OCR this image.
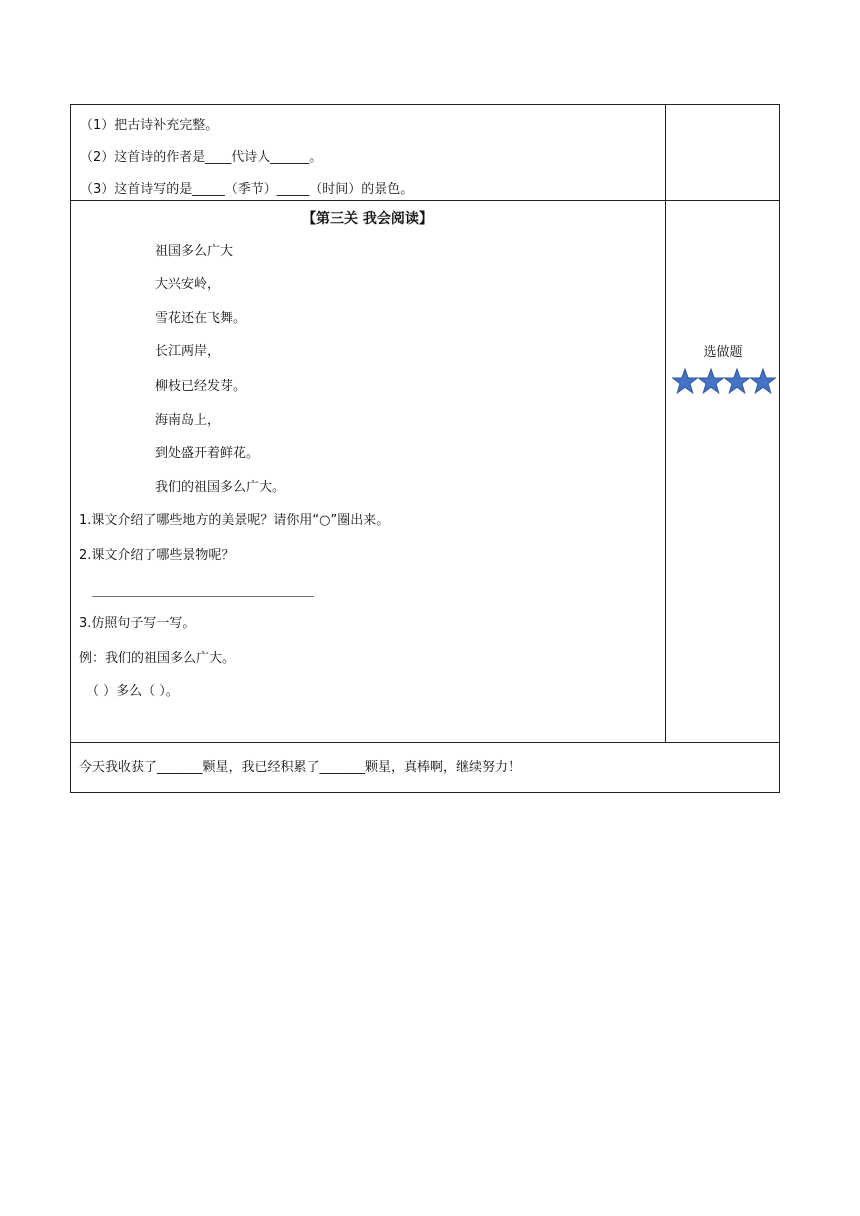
（1）把古诗补充完整。
（2）这首诗的作者是____代诗人______。
（3）这首诗写的是_____（季节）_____（时间）的景色。
【第三关 我会阅读】
祖国多么广大
大兴安岭，
雪花还在飞舞。
长江两岸，
柳枝已经发芽。
海南岛上，
到处盛开着鲜花。
我们的祖国多么广大。
1.课文介绍了哪些地方的美景呢？请你用“○”圈出来。
2.课文介绍了哪些景物呢？
3.仿照句子写一写。
例：我们的祖国多么广大。
（ ）多么（ ）。
选做题
今天我收获了_______颗星，我已经积累了_______颗星，真棒啊，继续努力！
